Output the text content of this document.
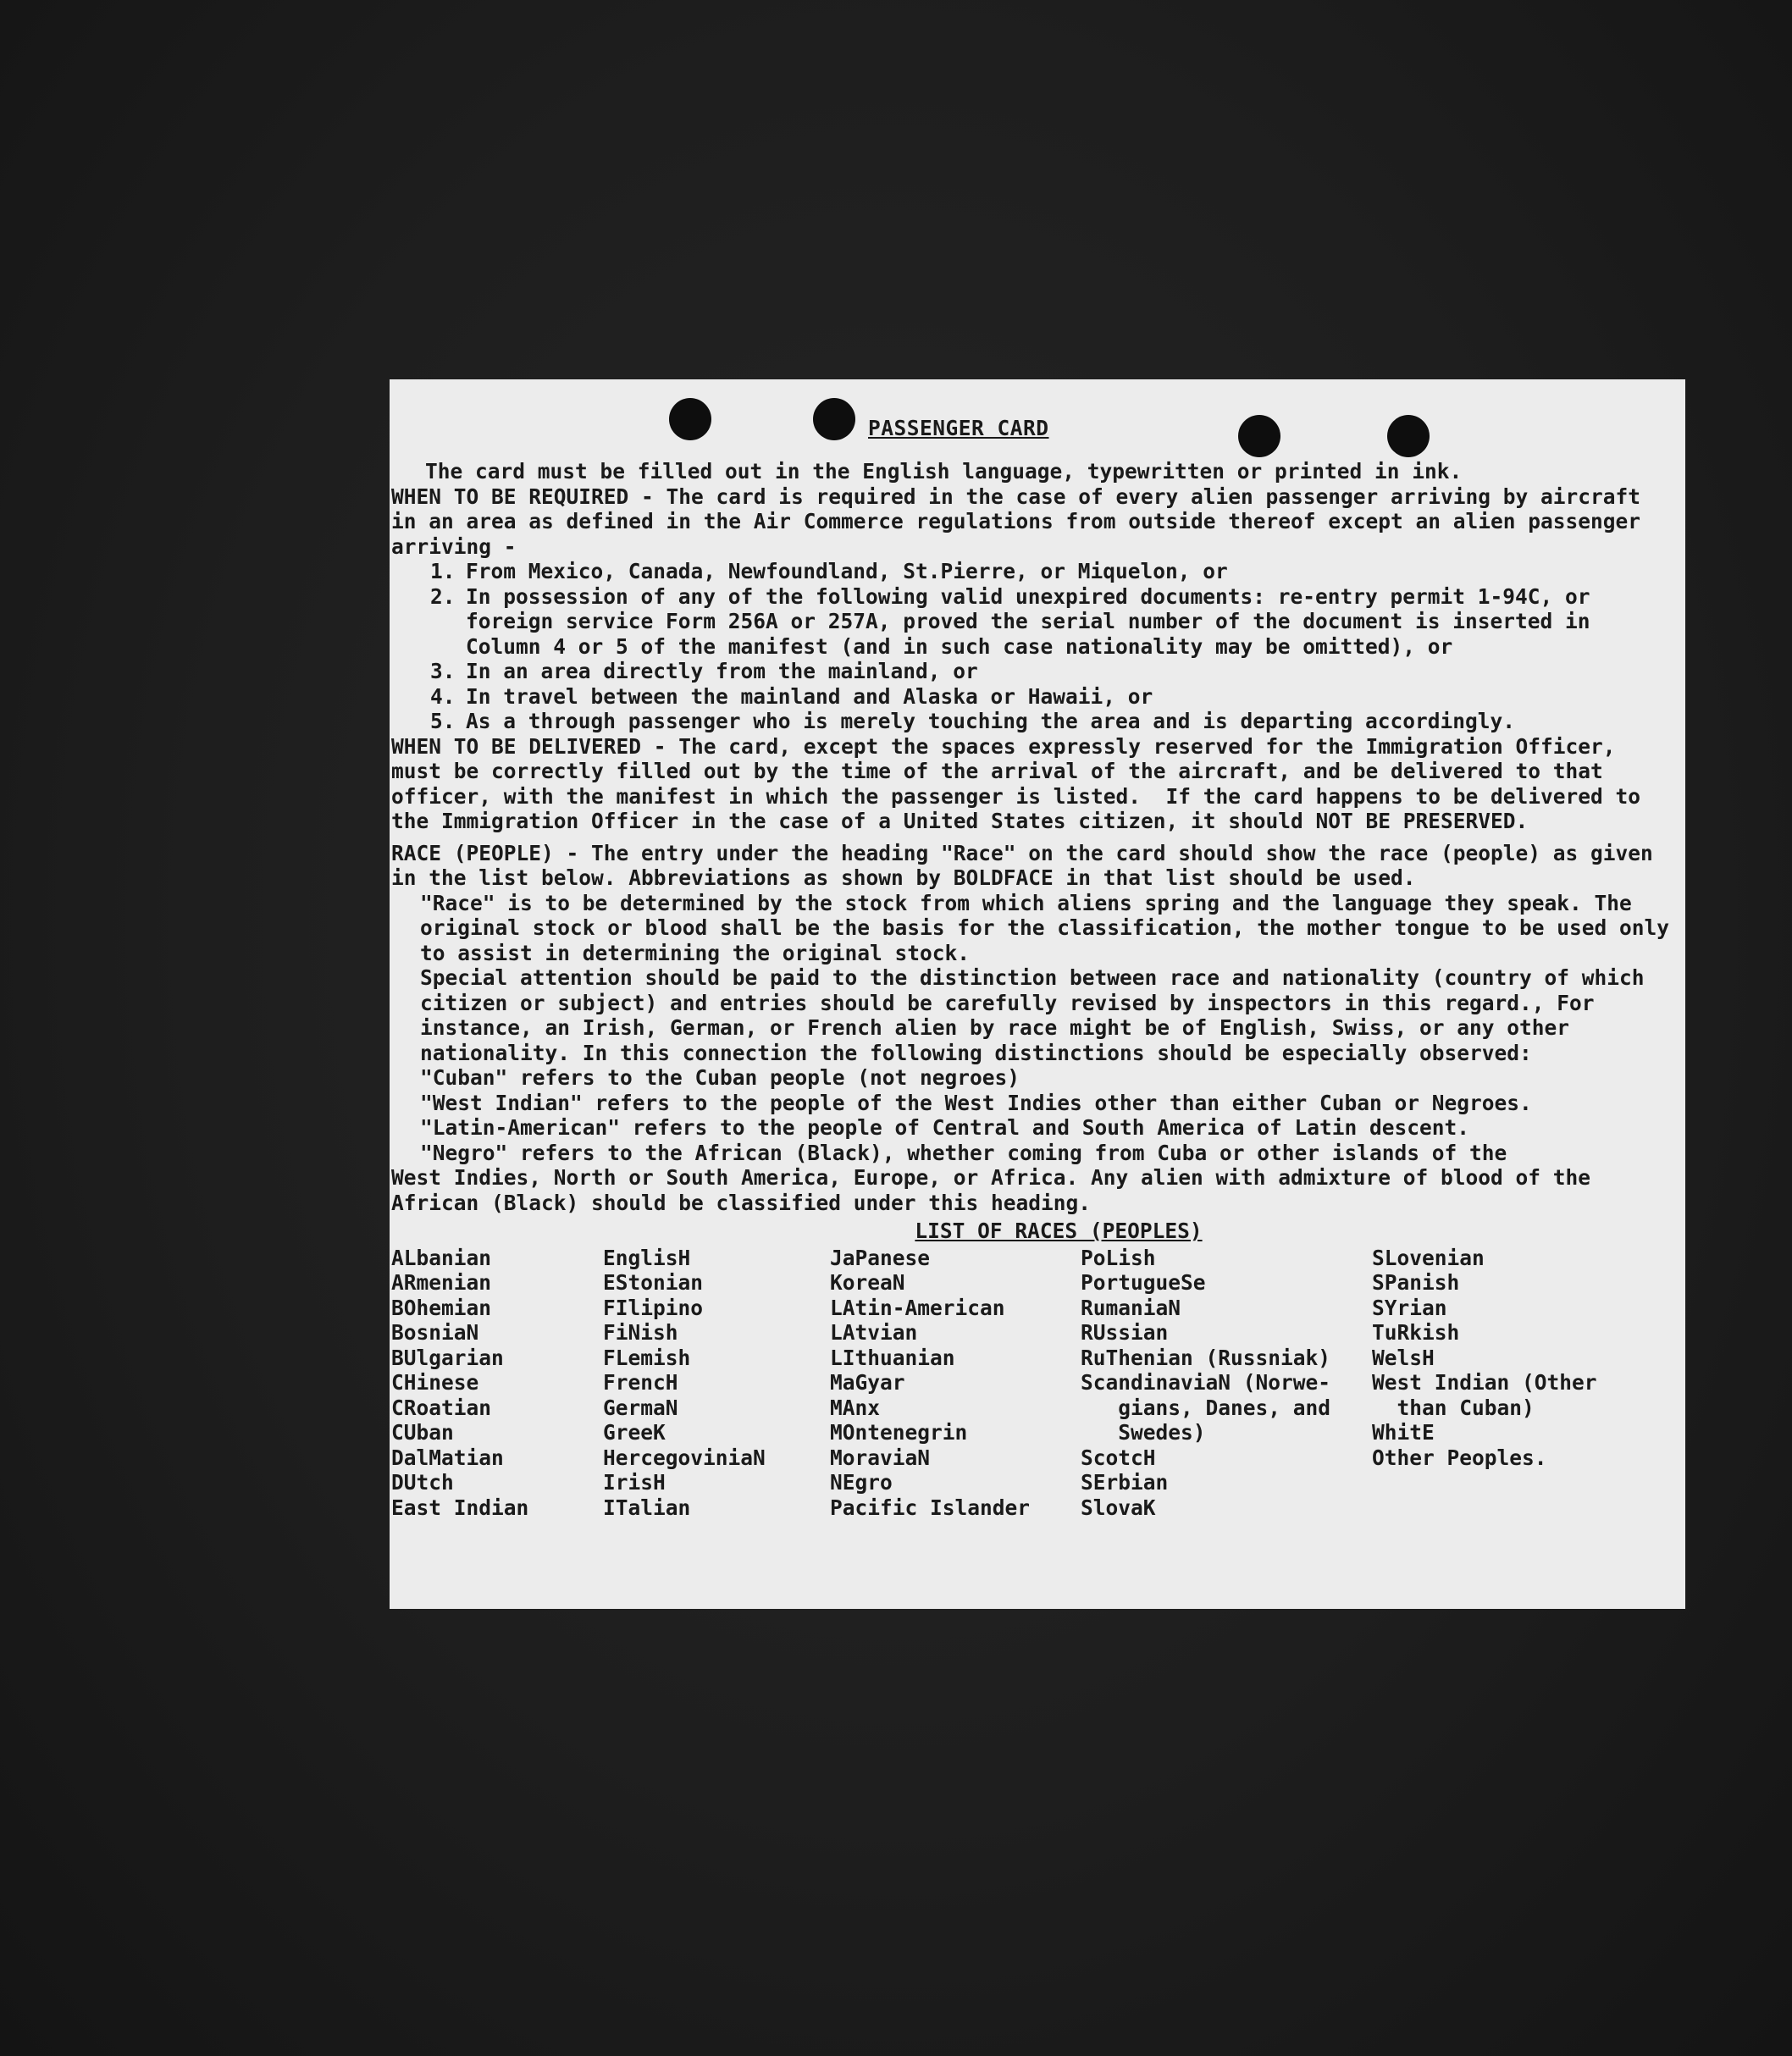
PASSENGER CARD

The card must be filled out in the English language, typewritten or printed in ink.

WHEN TO BE REQUIRED - The card is required in the case of every alien passenger arriving by aircraft in an area as defined in the Air Commerce regulations from outside thereof except an alien passenger arriving -

1. From Mexico, Canada, Newfoundland, St.Pierre, or Miquelon, or
2. In possession of any of the following valid unexpired documents: re-entry permit 1-94C, or foreign service Form 256A or 257A, proved the serial number of the document is inserted in Column 4 or 5 of the manifest (and in such case nationality may be omitted), or
3. In an area directly from the mainland, or
4. In travel between the mainland and Alaska or Hawaii, or
5. As a through passenger who is merely touching the area and is departing accordingly.

WHEN TO BE DELIVERED - The card, except the spaces expressly reserved for the Immigration Officer, must be correctly filled out by the time of the arrival of the aircraft, and be delivered to that officer, with the manifest in which the passenger is listed.  If the card happens to be delivered to the Immigration Officer in the case of a United States citizen, it should NOT BE PRESERVED.

RACE (PEOPLE) - The entry under the heading "Race" on the card should show the race (people) as given in the list below. Abbreviations as shown by BOLDFACE in that list should be used.

"Race" is to be determined by the stock from which aliens spring and the language they speak. The original stock or blood shall be the basis for the classification, the mother tongue to be used only to assist in determining the original stock.

Special attention should be paid to the distinction between race and nationality (country of which citizen or subject) and entries should be carefully revised by inspectors in this regard., For instance, an Irish, German, or French alien by race might be of English, Swiss, or any other nationality. In this connection the following distinctions should be especially observed:

"Cuban" refers to the Cuban people (not negroes)

"West Indian" refers to the people of the West Indies other than either Cuban or Negroes.

"Latin-American" refers to the people of Central and South America of Latin descent.

"Negro" refers to the African (Black), whether coming from Cuba or other islands of the

West Indies, North or South America, Europe, or Africa. Any alien with admixture of blood of the African (Black) should be classified under this heading.

LIST OF RACES (PEOPLES)
ALbanian
ARmenian
BOhemian
BosniaN
BUlgarian
CHinese
CRoatian
CUban
DalMatian
DUtch
East Indian
EnglisH
EStonian
FIlipino
FiNish
FLemish
FrencH
GermaN
GreeK
HercegoviniaN
IrisH
ITalian
JaPanese
KoreaN
LAtin-American
LAtvian
LIthuanian
MaGyar
MAnx
MOntenegrin
MoraviaN
NEgro
Pacific Islander
PoLish
PortugueSe
RumaniaN
RUssian
RuThenian (Russniak)
ScandinaviaN (Norwe-
gians, Danes, and
Swedes)
ScotcH
SErbian
SlovaK
SLovenian
SPanish
SYrian
TuRkish
WelsH
West Indian (Other
than Cuban)
WhitE
Other Peoples.
